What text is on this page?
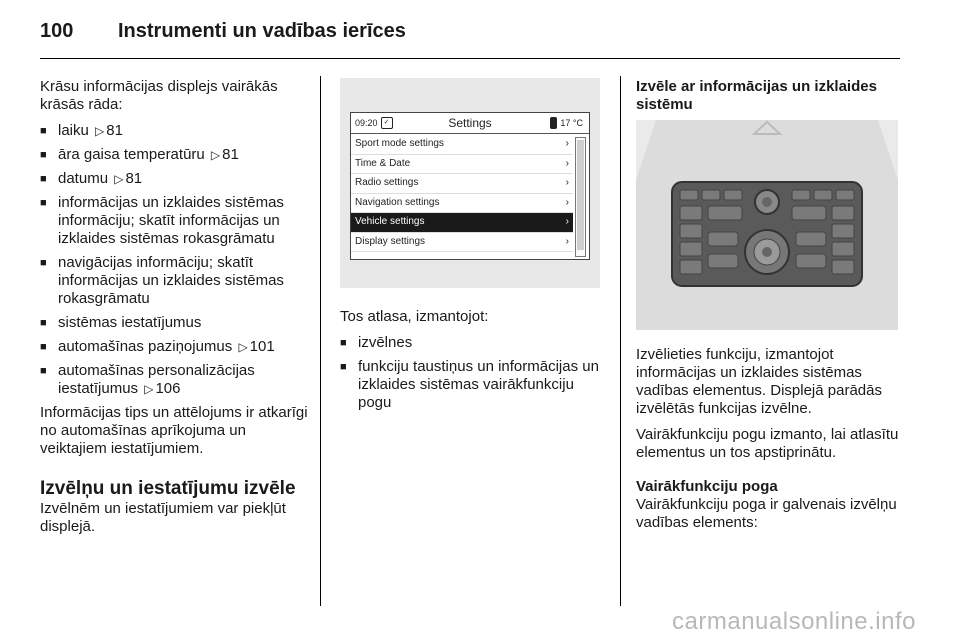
100 Instrumenti un vadības ierīces

Krāsu informācijas displejs vairākās krāsās rāda:

■ laiku ▷ 81
■ āra gaisa temperatūru ▷ 81
■ datumu ▷ 81
■ informācijas un izklaides sistēmas informāciju; skatīt informācijas un izklaides sistēmas rokasgrāmatu
■ navigācijas informāciju; skatīt informācijas un izklaides sistēmas rokasgrāmatu
■ sistēmas iestatījumus
■ automašīnas paziņojumus ▷ 101
■ automašīnas personalizācijas iestatījumus ▷ 106

Informācijas tips un attēlojums ir atkarīgi no automašīnas aprīkojuma un veiktajiem iestatījumiem.

Izvēlņu un iestatījumu izvēle

Izvēlnēm un iestatījumiem var piekļūt displejā.

09:20 ✓	Settings	17 °C
Sport mode settings	›
Time & Date	›
Radio settings	›
Navigation settings	›
Vehicle settings	›
Display settings	›

Tos atlasa, izmantojot:

■ izvēlnes
■ funkciju taustiņus un informācijas un izklaides sistēmas vairākfunkciju pogu
Izvēle ar informācijas un izklaides sistēmu

Izvēlieties funkciju, izmantojot informācijas un izklaides sistēmas vadības elementus. Displejā parādās izvēlētās funkcijas izvēlne.

Vairākfunkciju pogu izmanto, lai atlasītu elementus un tos apstiprinātu.

Vairākfunkciju poga

Vairākfunkciju poga ir galvenais izvēlņu vadības elements:

carmanualsonline.info
